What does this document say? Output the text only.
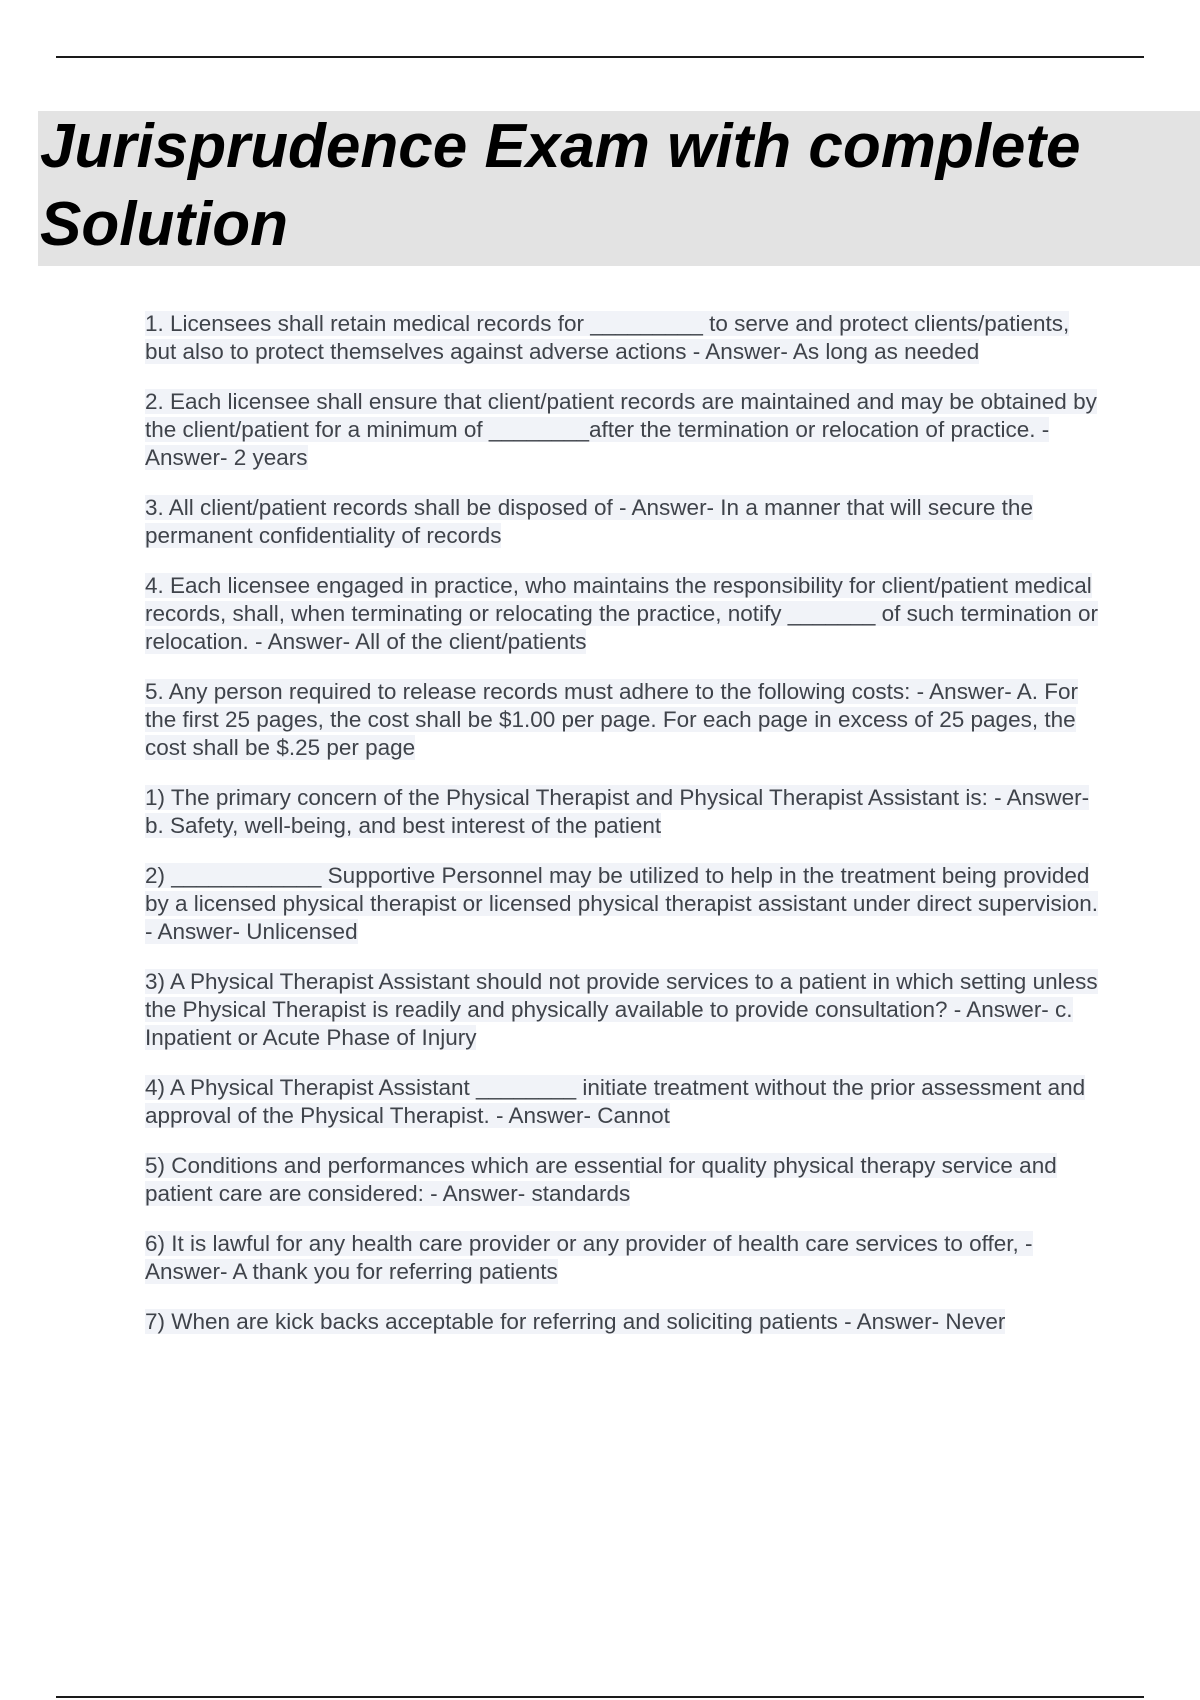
Jurisprudence Exam with complete Solution

1. Licensees shall retain medical records for _________ to serve and protect clients/patients, but also to protect themselves against adverse actions - Answer- As long as needed

2. Each licensee shall ensure that client/patient records are maintained and may be obtained by the client/patient for a minimum of ________after the termination or relocation of practice. - Answer- 2 years

3. All client/patient records shall be disposed of - Answer- In a manner that will secure the permanent confidentiality of records

4. Each licensee engaged in practice, who maintains the responsibility for client/patient medical records, shall, when terminating or relocating the practice, notify _______ of such termination or relocation. - Answer- All of the client/patients

5. Any person required to release records must adhere to the following costs: - Answer- A. For the first 25 pages, the cost shall be $1.00 per page. For each page in excess of 25 pages, the cost shall be $.25 per page

1) The primary concern of the Physical Therapist and Physical Therapist Assistant is: - Answer- b. Safety, well-being, and best interest of the patient

2) ____________ Supportive Personnel may be utilized to help in the treatment being provided by a licensed physical therapist or licensed physical therapist assistant under direct supervision. - Answer- Unlicensed

3) A Physical Therapist Assistant should not provide services to a patient in which setting unless the Physical Therapist is readily and physically available to provide consultation? - Answer- c. Inpatient or Acute Phase of Injury

4) A Physical Therapist Assistant ________ initiate treatment without the prior assessment and approval of the Physical Therapist. - Answer- Cannot

5) Conditions and performances which are essential for quality physical therapy service and patient care are considered: - Answer- standards

6) It is lawful for any health care provider or any provider of health care services to offer, - Answer- A thank you for referring patients

7) When are kick backs acceptable for referring and soliciting patients - Answer- Never
